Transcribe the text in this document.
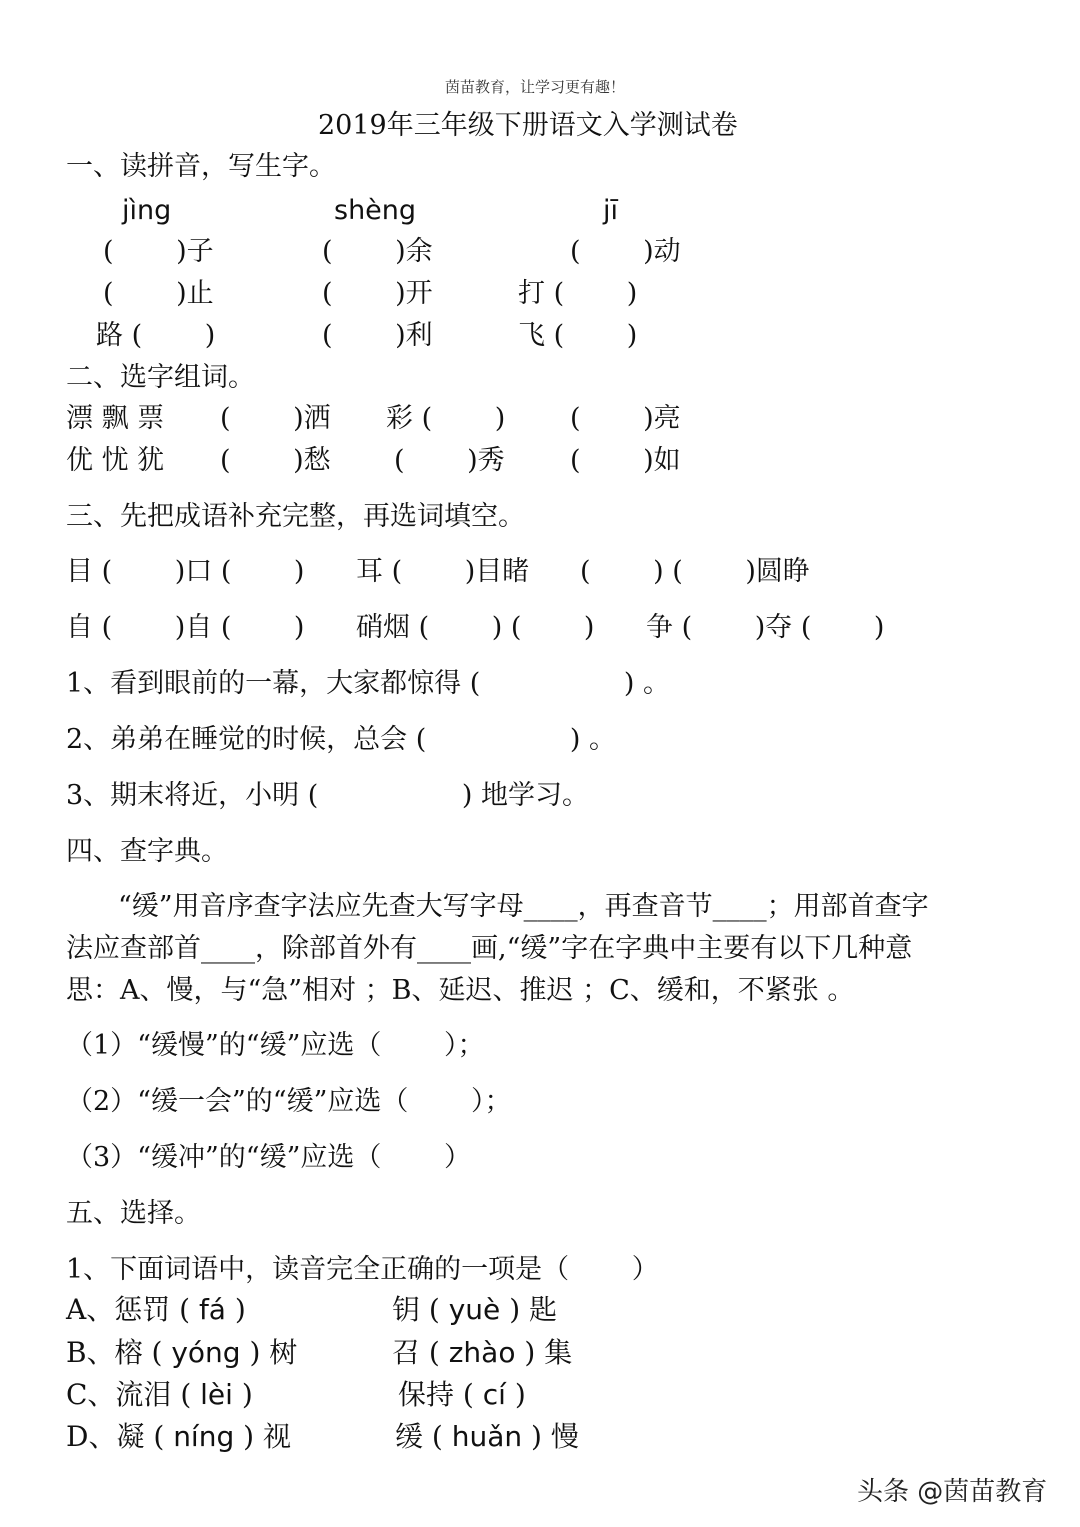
茵苗教育，让学习更有趣！
2019年三年级下册语文入学测试卷
一、读拼音，写生字。
jìng	shèng	jī
(　　 )子	(　　 )余	(　　 )动
(　　 )止	(　　 )开	打 (　　 )
路 (　　 )	(　　 )利	飞 (　　 )
二、选字组词。
漂 飘 票 (　　 )洒 彩 (　　 ) (　　 )亮
优 忧 犹 (　　 )愁 (　　 )秀 (　　 )如
三、先把成语补充完整，再选词填空。
目 (　　 )口 (　　 ) 耳 (　　 )目睹 (　　 ) (　　 )圆睁
自 (　　 )自 (　　 ) 硝烟 (　　 ) (　　 ) 争 (　　 )夺 (　　 )
1、看到眼前的一幕，大家都惊得 (　　　　　 ) 。
2、弟弟在睡觉的时候，总会 (　　　　　 ) 。
3、期末将近，小明 (　　　　　 ) 地学习。
四、查字典。
“缓”用音序查字法应先查大写字母____，再查音节____；用部首查字
法应查部首____，除部首外有____画,“缓”字在字典中主要有以下几种意
思：A、慢，与“急”相对 ；B、延迟、推迟 ；C、缓和，不紧张 。
（1）“缓慢”的“缓”应选（　　 ）；
（2）“缓一会”的“缓”应选（　　 ）；
（3）“缓冲”的“缓”应选（　　 ）
五、选择。
1、下面词语中，读音完全正确的一项是（　　 ）
A、惩罚 ( fá )	钥 ( yuè ) 匙
B、榕 ( yóng ) 树	召 ( zhào ) 集
C、流泪 ( lèi )	保持 ( cí )
D、凝 ( níng ) 视	缓 ( huǎn ) 慢
头条 @茵苗教育
